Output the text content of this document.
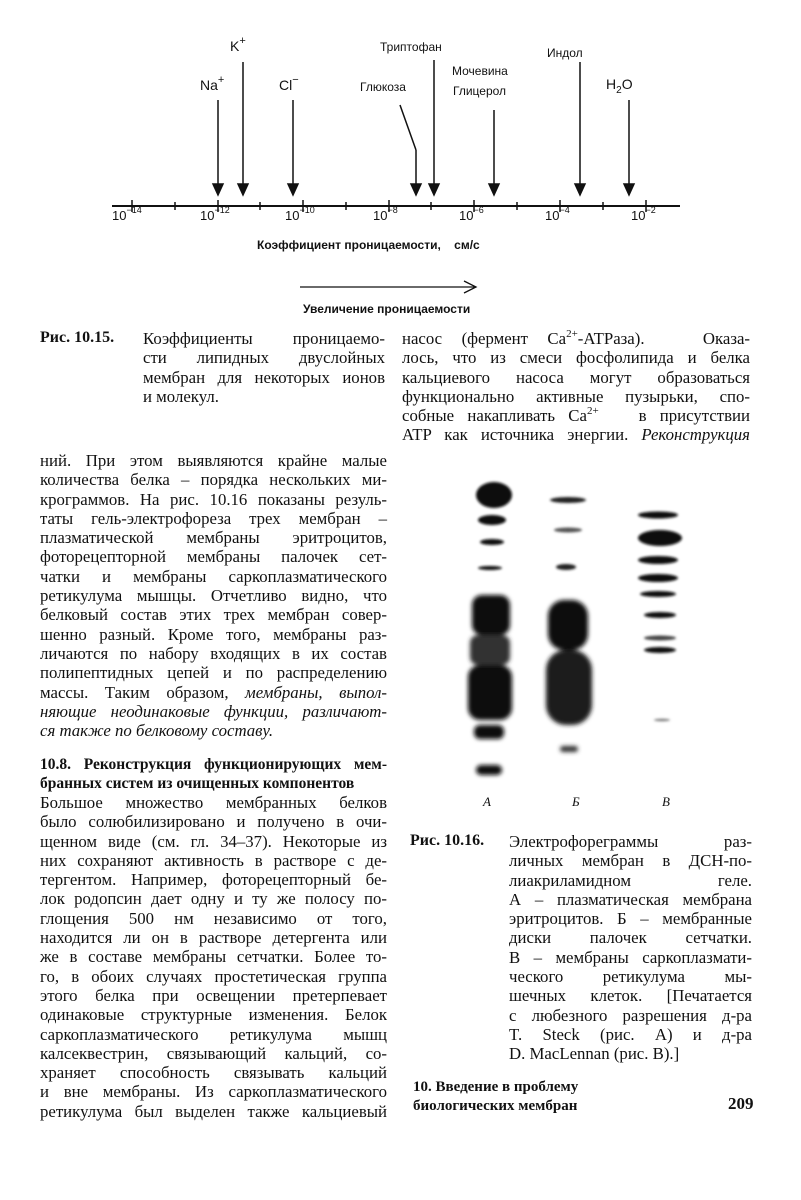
K+
Na+	Cl−
Триптофан
Глюкоза
Мочевина
Глицерол
Индол
$H_2O$
$10^{-14}$	$10^{-12}$	$10^{-10}$	$10^{-8}$	$10^{-6}$	$10^{-4}$	$10^{-2}$
Коэффициент проницаемости, см/с
Увеличение проницаемости
Рис. 10.15. Коэффициенты проницаемо-
сти липидных двуслойных
мембран для некоторых ионов
и молекул.
насос (фермент $Ca^{2+}-ATPаза$).	Оказа-
лось, что из смеси фосфолипида и белка
кальциевого насоса могут образоваться
функционально активные пузырьки, спо-
собные накапливать $Ca^{2+}$ в присутствии
ATP как источника энергии. Реконструкция
ний. При этом выявляются крайне малые
количества белка – порядка нескольких ми-
крограммов. На рис. 10.16 показаны резуль-
таты гель-электрофореза трех мембран –
плазматической мембраны эритроцитов,
фоторецепторной мембраны палочек сет-
чатки и мембраны саркоплазматического
ретикулума мышцы. Отчетливо видно, что
белковый состав этих трех мембран совер-
шенно разный. Кроме того, мембраны раз-
личаются по набору входящих в их состав
полипептидных цепей и по распределению
массы. Таким образом, мембраны, выпол-
няющие неодинаковые функции, различают-
ся также по белковому составу.
10.8. Реконструкция функционирующих мем-
бранных систем из очищенных компонентов
Большое множество мембранных белков
было солюбилизировано и получено в очи-
щенном виде (см. гл. 34–37). Некоторые из
них сохраняют активность в растворе с де-
тергентом. Например, фоторецепторный бе-
лок родопсин дает одну и ту же полосу по-
глощения 500 нм независимо от того,
находится ли он в растворе детергента или
же в составе мембраны сетчатки. Более то-
го, в обоих случаях простетическая группа
этого белка при освещении претерпевает
одинаковые структурные изменения. Белок
саркоплазматического ретикулума мышц
калсеквестрин, связывающий кальций, со-
храняет способность связывать кальций
и вне мембраны. Из саркоплазматического
ретикулума был выделен также кальциевый
А	Б	В
Рис. 10.16. Электрофореграммы раз-
личных мембран в ДСН-по-
лиакриламидном геле.
А – плазматическая мембрана
эритроцитов. Б – мембранные
диски палочек сетчатки.
В – мембраны саркоплазмати-
ческого ретикулума мы-
шечных клеток. [Печатается
с любезного разрешения д-ра
T. Steck (рис. А) и д-ра
D. MacLennan (рис. В).]
10. Введение в проблему
биологических мембран	209
